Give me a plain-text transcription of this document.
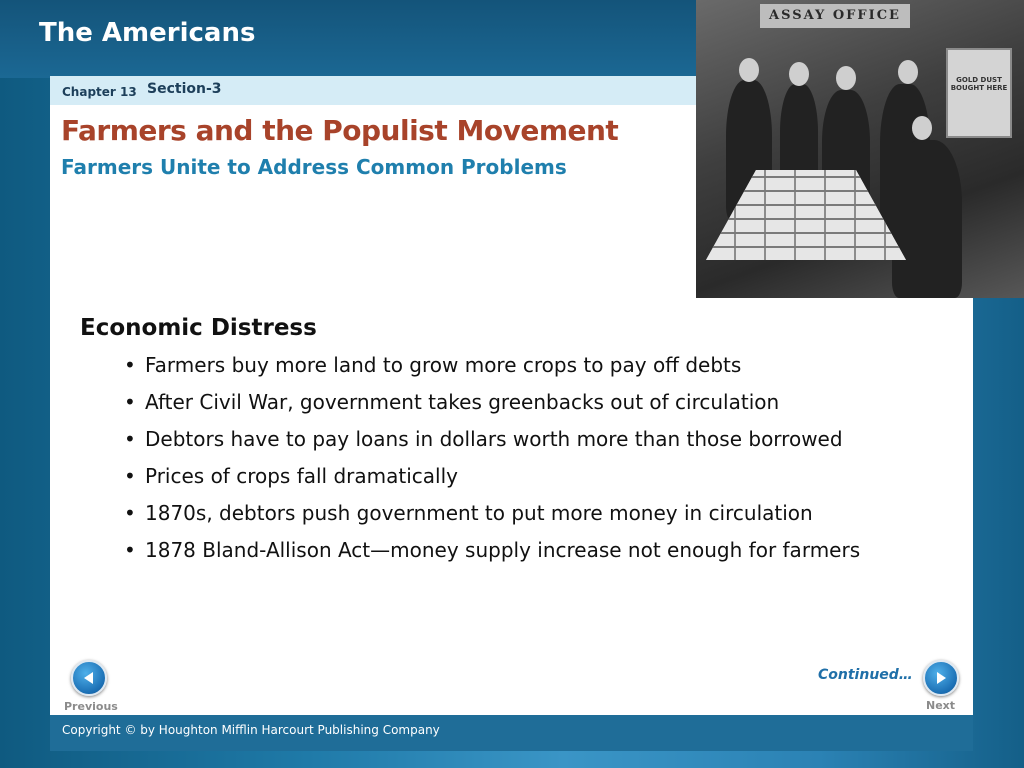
The Americans
Chapter 13 Section-3
Farmers and the Populist Movement
Farmers Unite to Address Common Problems
ASSAY OFFICE
GOLD DUST BOUGHT HERE
Economic Distress
• Farmers buy more land to grow more crops to pay off debts
• After Civil War, government takes greenbacks out of circulation
• Debtors have to pay loans in dollars worth more than those borrowed
• Prices of crops fall dramatically
• 1870s, debtors push government to put more money in circulation
• 1878 Bland-Allison Act—money supply increase not enough for farmers
Previous
Continued…
Next
Copyright © by Houghton Mifflin Harcourt Publishing Company
